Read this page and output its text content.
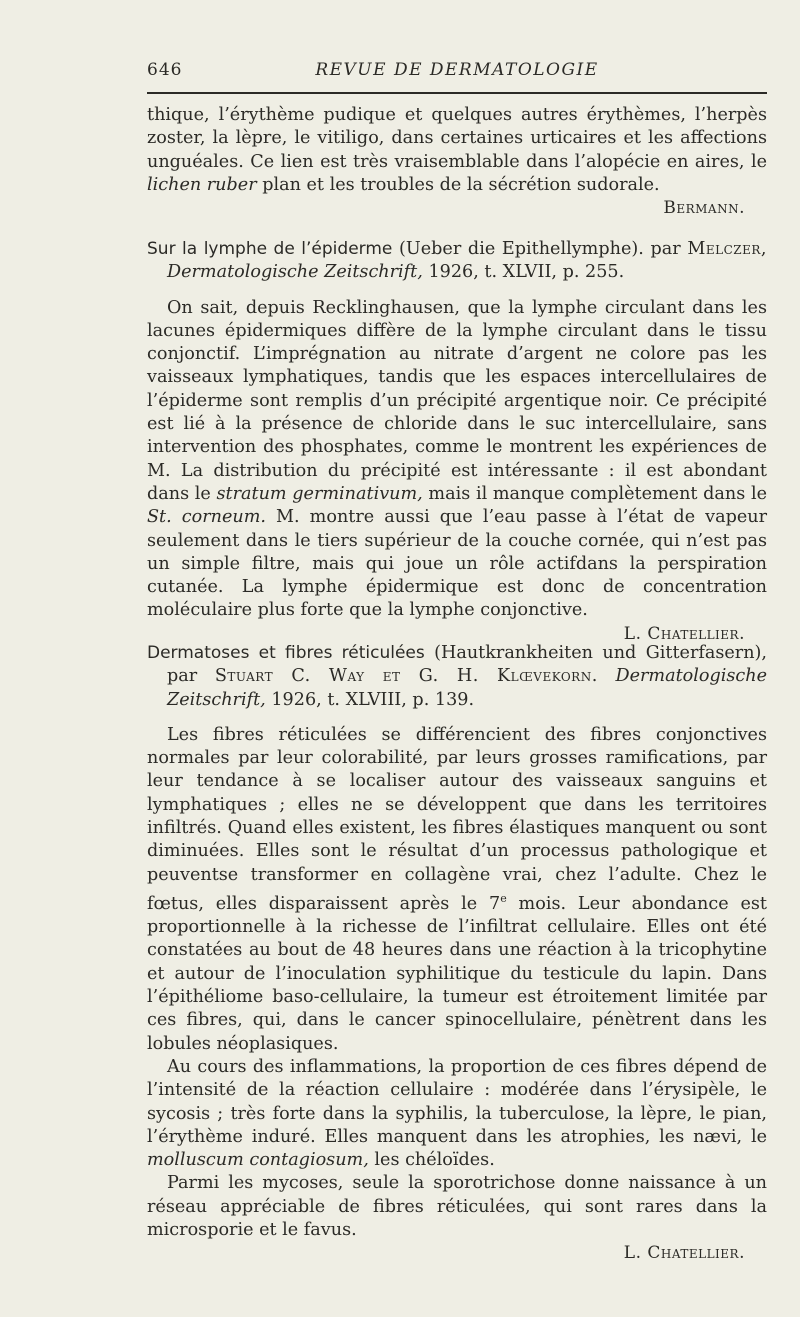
646	REVUE DE DERMATOLOGIE

thique, l’érythème pudique et quelques autres érythèmes, l’herpès zoster, la lèpre, le vitiligo, dans certaines urticaires et les affections unguéales. Ce lien est très vraisemblable dans l’alopécie en aires, le lichen ruber plan et les troubles de la sécrétion sudorale.

Bermann.

Sur la lymphe de l’épiderme (Ueber die Epithellymphe). par Melczer, Dermatologische Zeitschrift, 1926, t. XLVII, p. 255.

On sait, depuis Recklinghausen, que la lymphe circulant dans les lacunes épidermiques diffère de la lymphe circulant dans le tissu conjonctif. L’imprégnation au nitrate d’argent ne colore pas les vaisseaux lymphatiques, tandis que les espaces intercellulaires de l’épiderme sont remplis d’un précipité argentique noir. Ce précipité est lié à la présence de chloride dans le suc intercellulaire, sans intervention des phosphates, comme le montrent les expériences de M. La distribution du précipité est intéressante : il est abondant dans le stratum germinativum, mais il manque complètement dans le St. corneum. M. montre aussi que l’eau passe à l’état de vapeur seulement dans le tiers supérieur de la couche cornée, qui n’est pas un simple filtre, mais qui joue un rôle actifdans la perspiration cutanée. La lymphe épidermique est donc de concentration moléculaire plus forte que la lymphe conjonctive.

L. Chatellier.

Dermatoses et fibres réticulées (Hautkrankheiten und Gitterfasern), par Stuart C. Way et G. H. Klœvekorn. Dermatologische Zeitschrift, 1926, t. XLVIII, p. 139.

Les fibres réticulées se différencient des fibres conjonctives normales par leur colorabilité, par leurs grosses ramifications, par leur tendance à se localiser autour des vaisseaux sanguins et lymphatiques ; elles ne se développent que dans les territoires infiltrés. Quand elles existent, les fibres élastiques manquent ou sont diminuées. Elles sont le résultat d’un processus pathologique et peuventse transformer en collagène vrai, chez l’adulte. Chez le fœtus, elles disparaissent après le 7e mois. Leur abondance est proportionnelle à la richesse de l’infiltrat cellulaire. Elles ont été constatées au bout de 48 heures dans une réaction à la tricophytine et autour de l’inoculation syphilitique du testicule du lapin. Dans l’épithéliome baso-cellulaire, la tumeur est étroitement limitée par ces fibres, qui, dans le cancer spinocellulaire, pénètrent dans les lobules néoplasiques.

Au cours des inflammations, la proportion de ces fibres dépend de l’intensité de la réaction cellulaire : modérée dans l’érysipèle, le sycosis ; très forte dans la syphilis, la tuberculose, la lèpre, le pian, l’érythème induré. Elles manquent dans les atrophies, les nævi, le molluscum contagiosum, les chéloïdes.

Parmi les mycoses, seule la sporotrichose donne naissance à un réseau appréciable de fibres réticulées, qui sont rares dans la microsporie et le favus.

L. Chatellier.
